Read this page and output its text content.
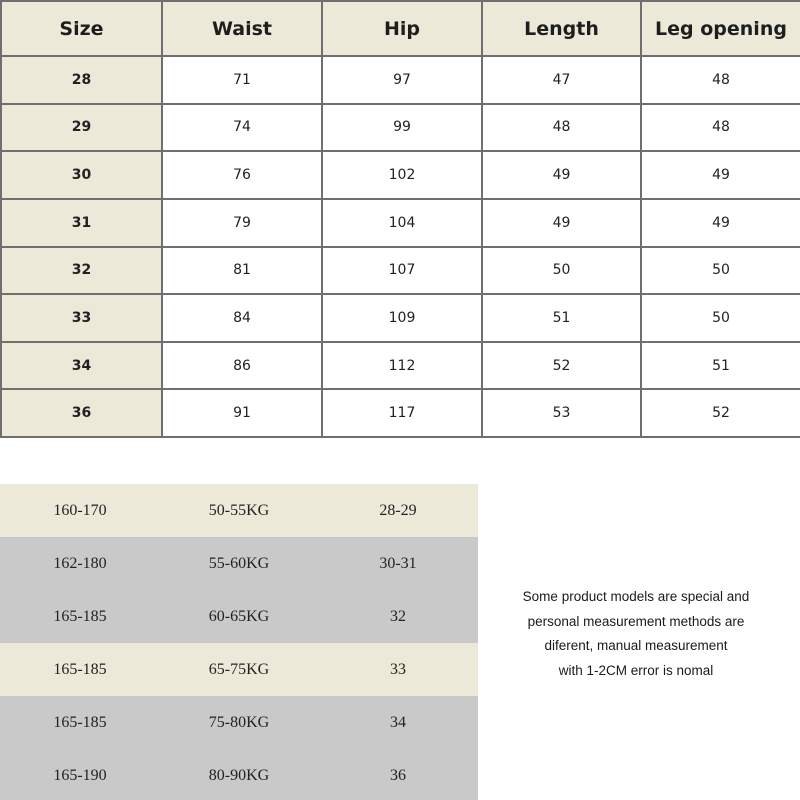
Size	Waist	Hip	Length	Leg opening
28	71	97	47	48
29	74	99	48	48
30	76	102	49	49
31	79	104	49	49
32	81	107	50	50
33	84	109	51	50
34	86	112	52	51
36	91	117	53	52
160-170	50-55KG	28-29
162-180	55-60KG	30-31
165-185	60-65KG	32
165-185	65-75KG	33
165-185	75-80KG	34
165-190	80-90KG	36
Some product models are special and
personal measurement methods are
diferent, manual measurement
with 1-2CM error is nomal
